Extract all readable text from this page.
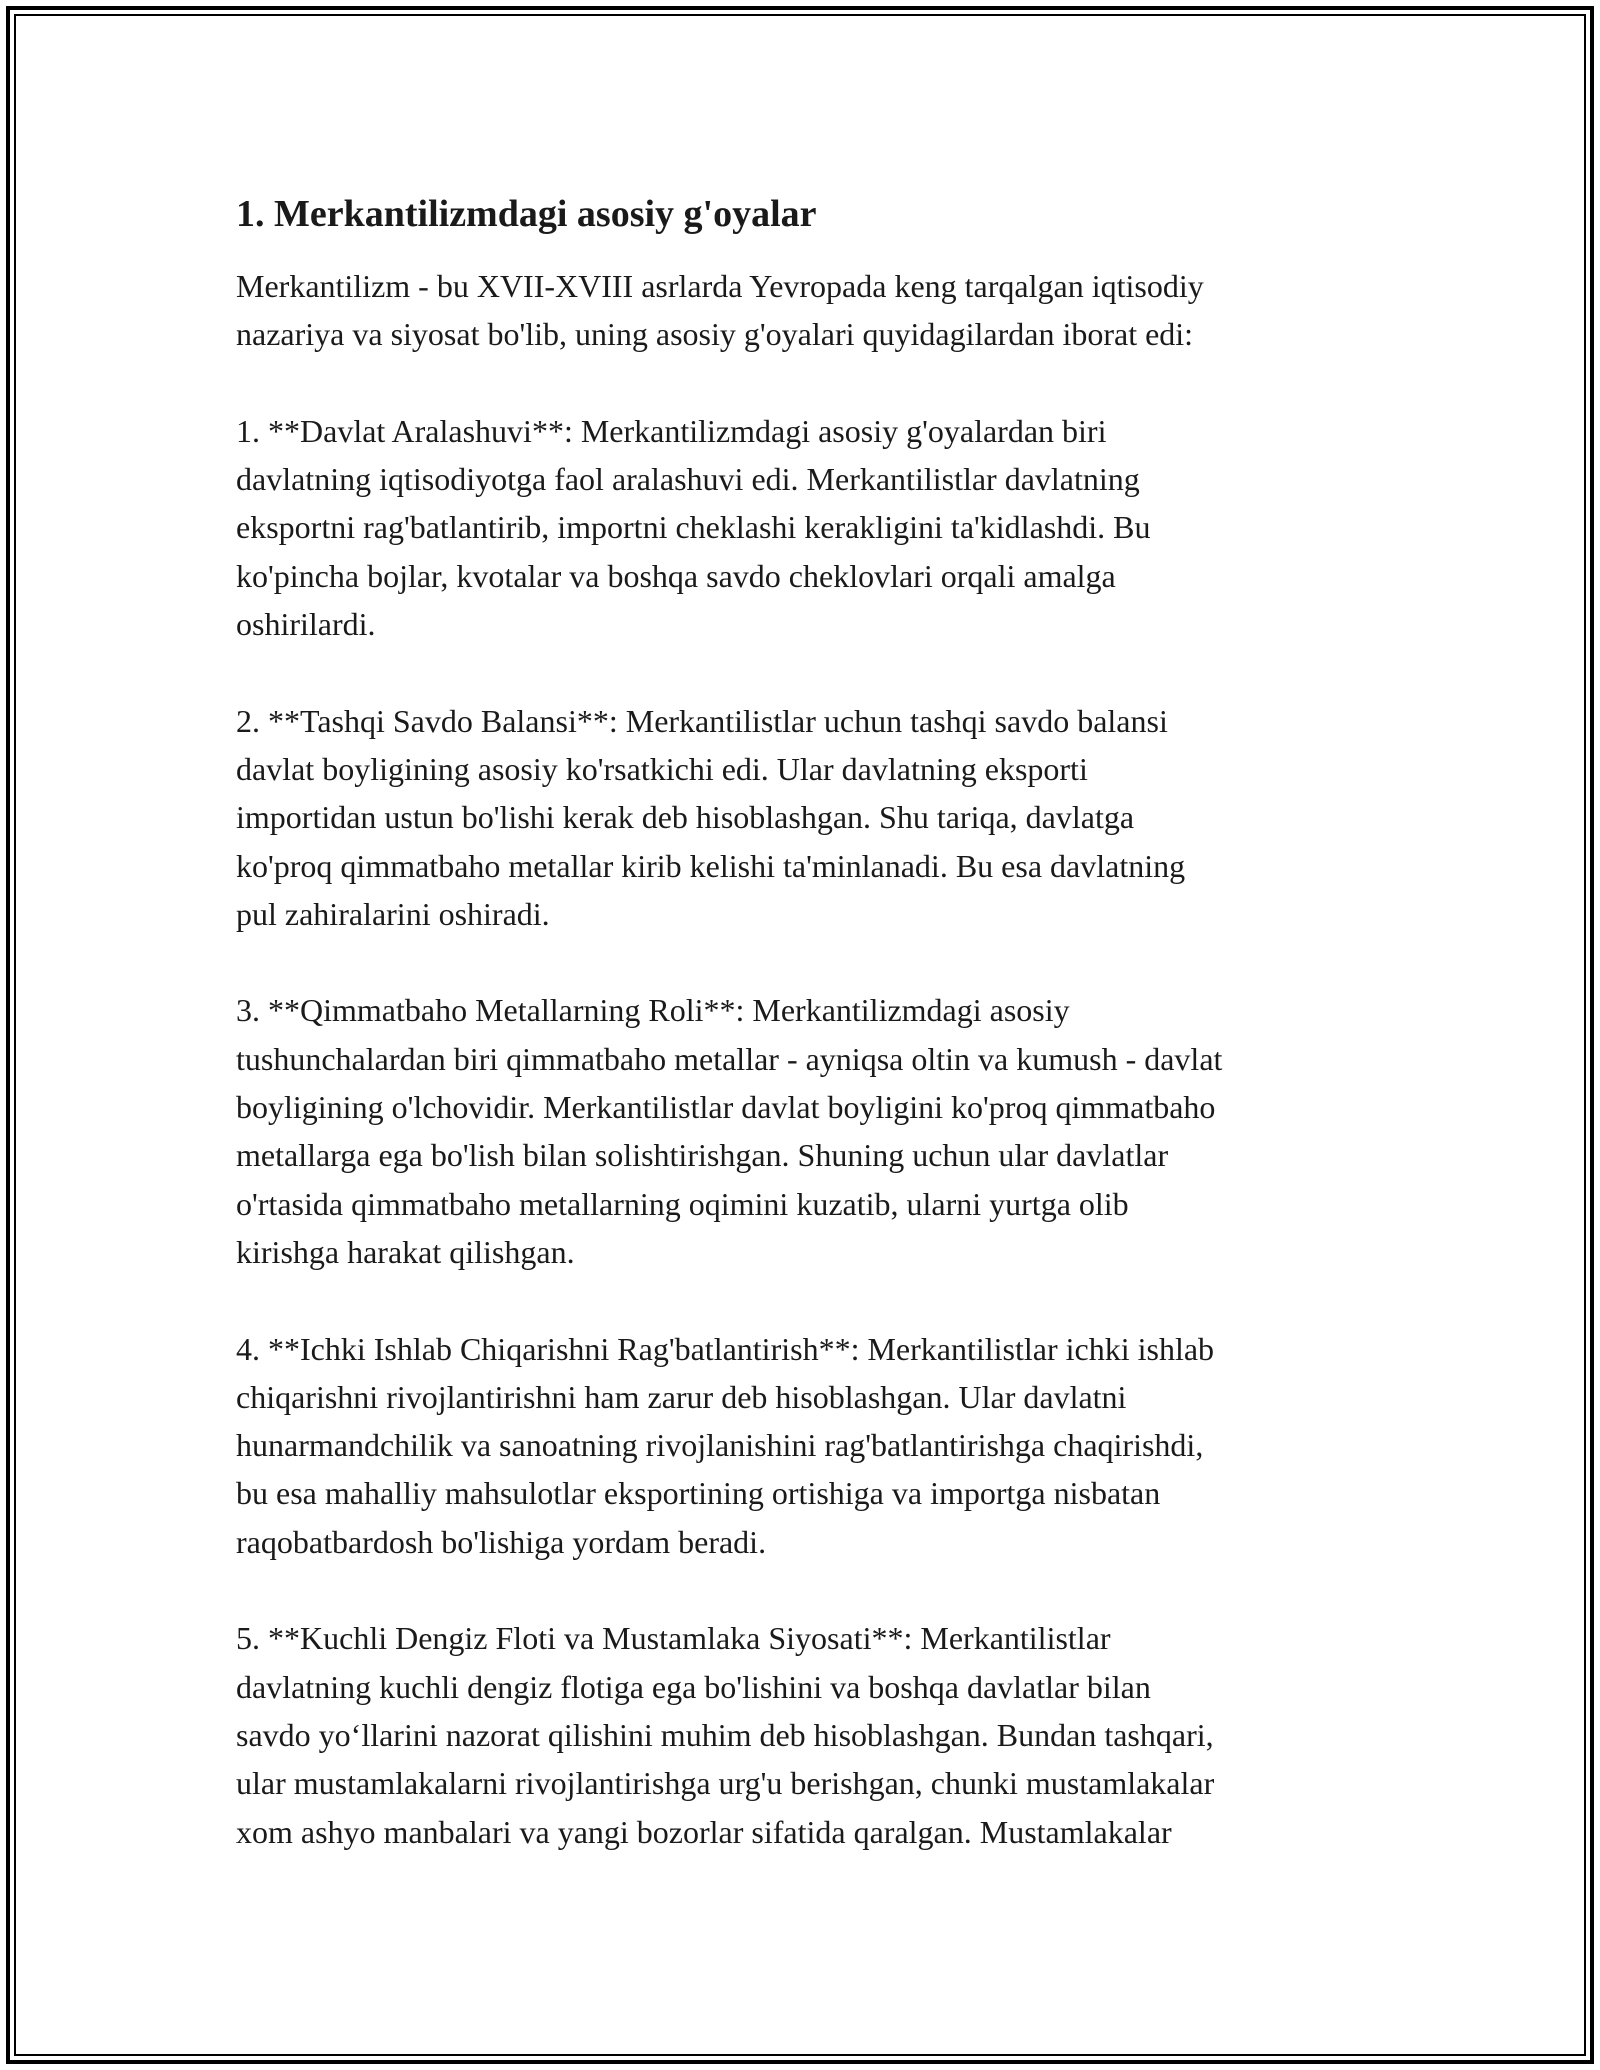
1. Merkantilizmdagi asosiy g'oyalar
Merkantilizm - bu XVII-XVIII asrlarda Yevropada keng tarqalgan iqtisodiy
nazariya va siyosat bo'lib, uning asosiy g'oyalari quyidagilardan iborat edi:
1. **Davlat Aralashuvi**: Merkantilizmdagi asosiy g'oyalardan biri
davlatning iqtisodiyotga faol aralashuvi edi. Merkantilistlar davlatning
eksportni rag'batlantirib, importni cheklashi kerakligini ta'kidlashdi. Bu
ko'pincha bojlar, kvotalar va boshqa savdo cheklovlari orqali amalga
oshirilardi.
2. **Tashqi Savdo Balansi**: Merkantilistlar uchun tashqi savdo balansi
davlat boyligining asosiy ko'rsatkichi edi. Ular davlatning eksporti
importidan ustun bo'lishi kerak deb hisoblashgan. Shu tariqa, davlatga
ko'proq qimmatbaho metallar kirib kelishi ta'minlanadi. Bu esa davlatning
pul zahiralarini oshiradi.
3. **Qimmatbaho Metallarning Roli**: Merkantilizmdagi asosiy
tushunchalardan biri qimmatbaho metallar - ayniqsa oltin va kumush - davlat
boyligining o'lchovidir. Merkantilistlar davlat boyligini ko'proq qimmatbaho
metallarga ega bo'lish bilan solishtirishgan. Shuning uchun ular davlatlar
o'rtasida qimmatbaho metallarning oqimini kuzatib, ularni yurtga olib
kirishga harakat qilishgan.
4. **Ichki Ishlab Chiqarishni Rag'batlantirish**: Merkantilistlar ichki ishlab
chiqarishni rivojlantirishni ham zarur deb hisoblashgan. Ular davlatni
hunarmandchilik va sanoatning rivojlanishini rag'batlantirishga chaqirishdi,
bu esa mahalliy mahsulotlar eksportining ortishiga va importga nisbatan
raqobatbardosh bo'lishiga yordam beradi.
5. **Kuchli Dengiz Floti va Mustamlaka Siyosati**: Merkantilistlar
davlatning kuchli dengiz flotiga ega bo'lishini va boshqa davlatlar bilan
savdo yo‘llarini nazorat qilishini muhim deb hisoblashgan. Bundan tashqari,
ular mustamlakalarni rivojlantirishga urg'u berishgan, chunki mustamlakalar
xom ashyo manbalari va yangi bozorlar sifatida qaralgan. Mustamlakalar
